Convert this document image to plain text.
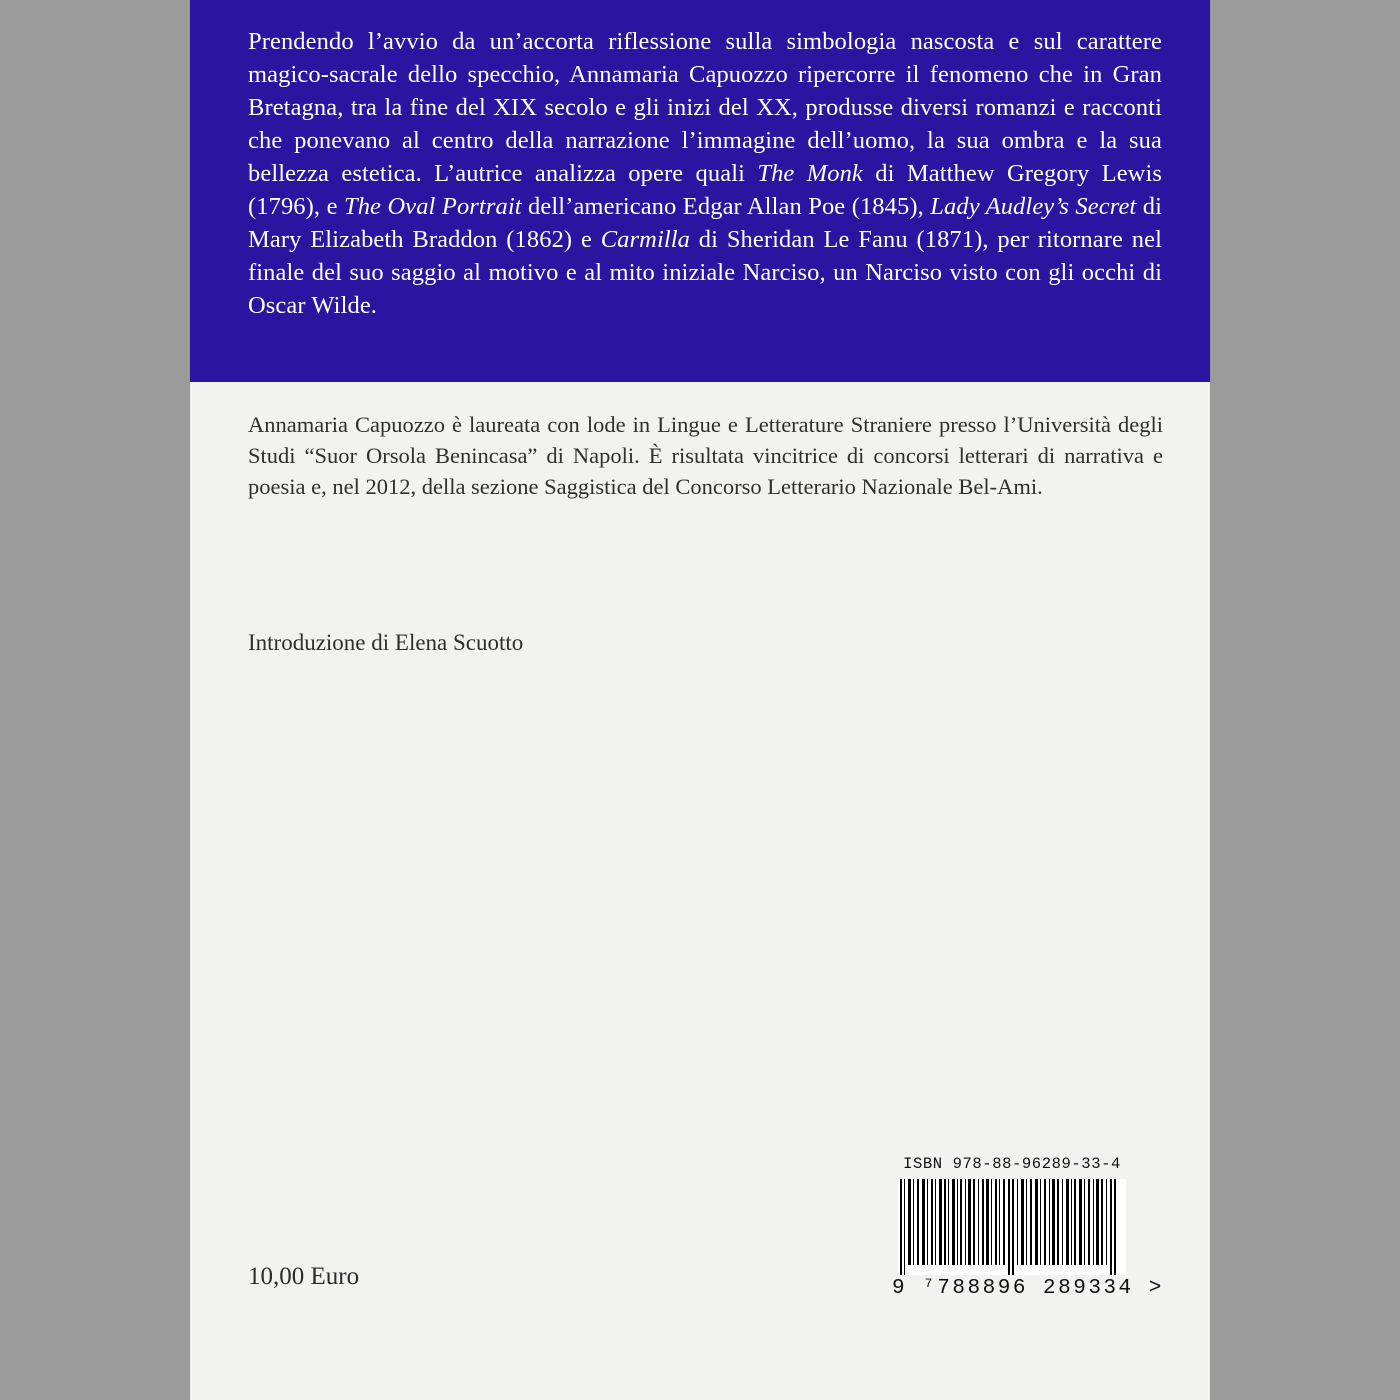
Prendendo l’avvio da un’accorta riflessione sulla simbologia nascosta e sul carattere magico-sacrale dello specchio, Annamaria Capuozzo ripercorre il fenomeno che in Gran Bretagna, tra la fine del XIX secolo e gli inizi del XX, produsse diversi romanzi e racconti che ponevano al centro della narrazione l’immagine dell’uomo, la sua ombra e la sua bellezza estetica. L’autrice analizza opere quali The Monk di Matthew Gregory Lewis (1796), e The Oval Portrait dell’americano Edgar Allan Poe (1845), Lady Audley’s Secret di Mary Elizabeth Braddon (1862) e Carmilla di Sheridan Le Fanu (1871), per ritornare nel finale del suo saggio al motivo e al mito iniziale Narciso, un Narciso visto con gli occhi di Oscar Wilde.

Annamaria Capuozzo è laureata con lode in Lingue e Letterature Straniere presso l’Università degli Studi “Suor Orsola Benincasa” di Napoli. È risultata vincitrice di concorsi letterari di narrativa e poesia e, nel 2012, della sezione Saggistica del Concorso Letterario Nazionale Bel-Ami.

Introduzione di Elena Scuotto
10,00 Euro
ISBN 978-88-96289-33-4
9 ⁷788896 289334 >
